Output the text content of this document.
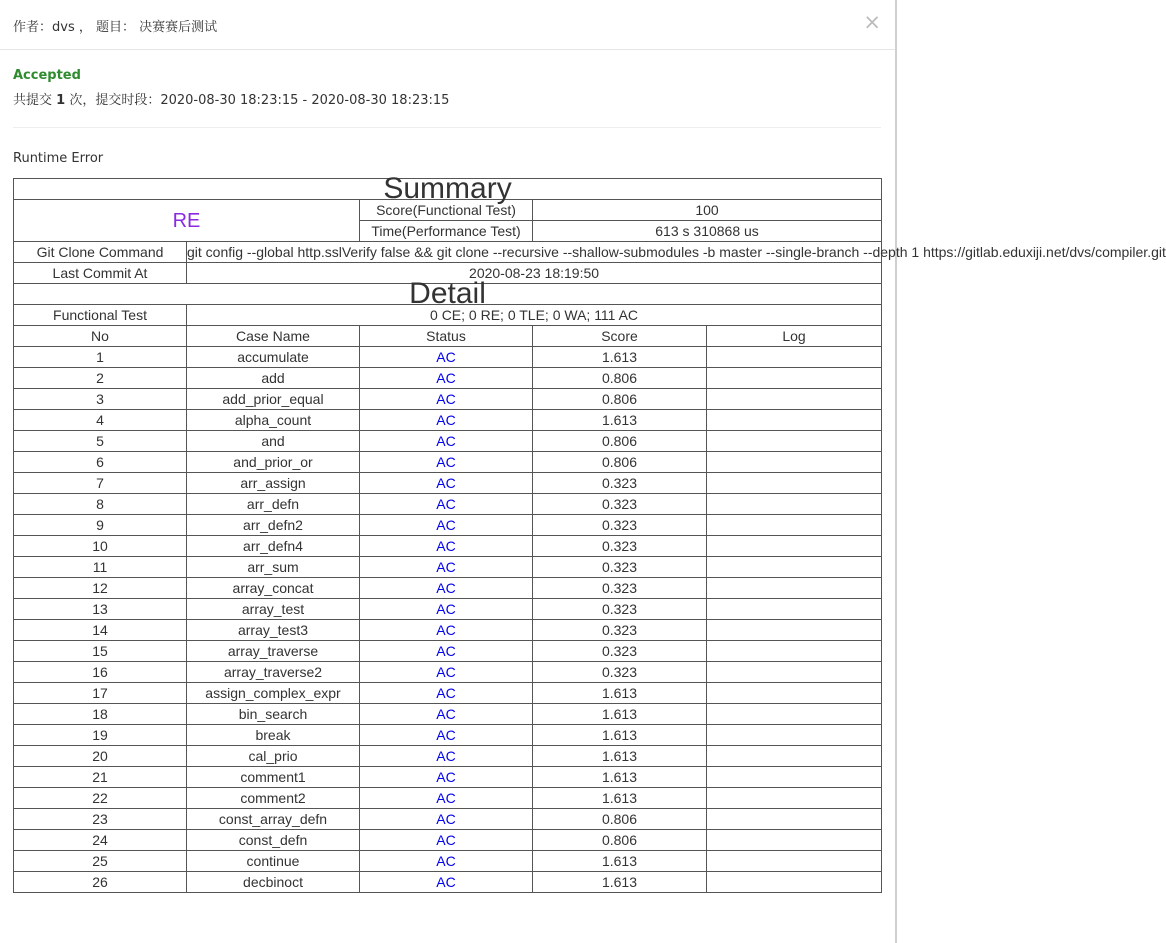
作者：dvs ， 题目： 决赛赛后测试	×
Accepted
共提交 1 次，提交时段：2020-08-30 18:23:15 - 2020-08-30 18:23:15
Runtime Error
Summary				
RE		Score(Functional Test)	100	
		Time(Performance Test)	613 s 310868 us	
Git Clone Command	git config --global http.sslVerify false && git clone --recursive --shallow-submodules -b master --single-branch --depth 1 https://gitlab.eduxiji.net/dvs/compiler.git			
Last Commit At	2020-08-23 18:19:50			
Detail				
Functional Test	0 CE; 0 RE; 0 TLE; 0 WA; 111 AC			
No	Case Name	Status	Score	Log
1	accumulate	AC	1.613	
2	add	AC	0.806	
3	add_prior_equal	AC	0.806	
4	alpha_count	AC	1.613	
5	and	AC	0.806	
6	and_prior_or	AC	0.806	
7	arr_assign	AC	0.323	
8	arr_defn	AC	0.323	
9	arr_defn2	AC	0.323	
10	arr_defn4	AC	0.323	
11	arr_sum	AC	0.323	
12	array_concat	AC	0.323	
13	array_test	AC	0.323	
14	array_test3	AC	0.323	
15	array_traverse	AC	0.323	
16	array_traverse2	AC	0.323	
17	assign_complex_expr	AC	1.613	
18	bin_search	AC	1.613	
19	break	AC	1.613	
20	cal_prio	AC	1.613	
21	comment1	AC	1.613	
22	comment2	AC	1.613	
23	const_array_defn	AC	0.806	
24	const_defn	AC	0.806	
25	continue	AC	1.613	
26	decbinoct	AC	1.613	
